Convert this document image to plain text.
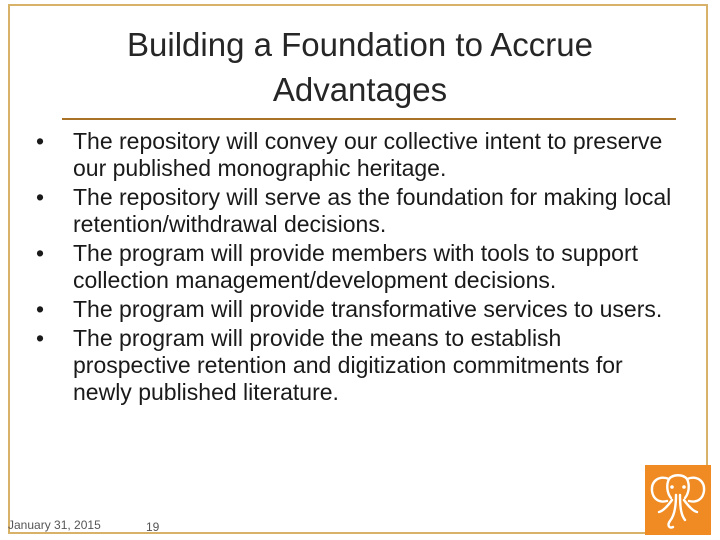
Building a Foundation to Accrue
Advantages
• The repository will convey our collective intent to preserve our published monographic heritage.
• The repository will serve as the foundation for making local retention/withdrawal decisions.
• The program will provide members with tools to support collection management/development decisions.
• The program will provide transformative services to users.
• The program will provide the means to establish prospective retention and digitization commitments for newly published literature.
January 31, 2015	19
